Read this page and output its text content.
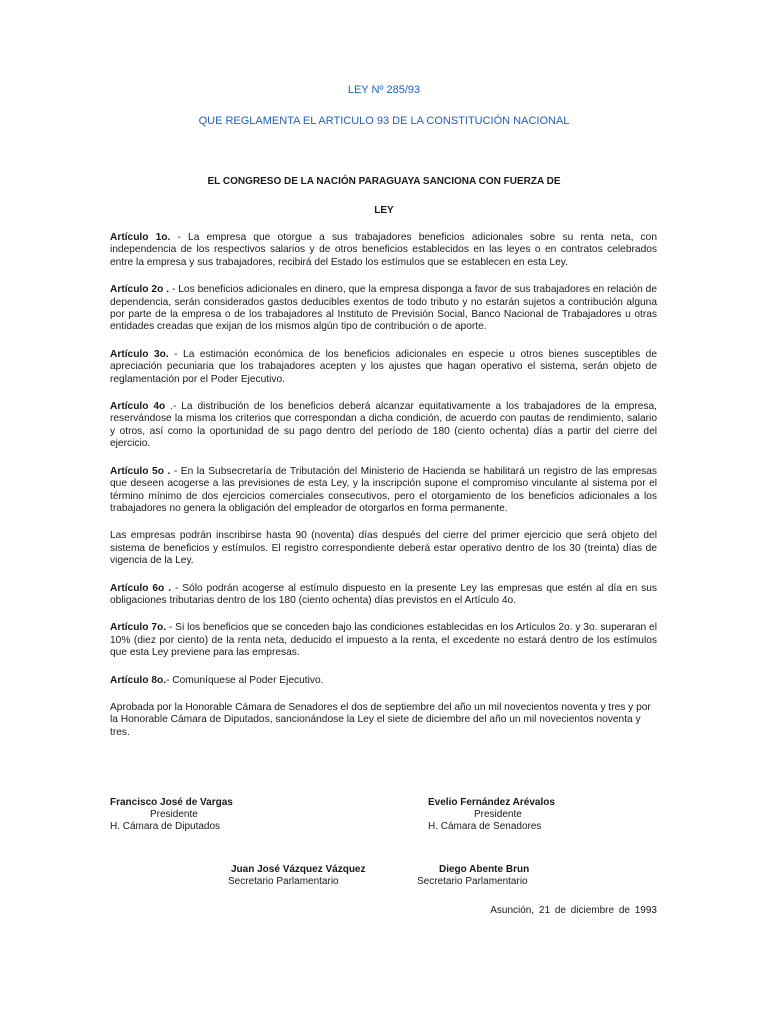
LEY Nº 285/93
QUE REGLAMENTA EL ARTICULO 93 DE LA CONSTITUCIÓN NACIONAL
EL CONGRESO DE LA NACIÓN PARAGUAYA SANCIONA CON FUERZA DE
LEY

Artículo 1o. - La empresa que otorgue a sus trabajadores beneficios adicionales sobre su renta neta, con independencia de los respectivos salarios y de otros beneficios establecidos en las leyes o en contratos celebrados entre la empresa y sus trabajadores, recibirá del Estado los estímulos que se establecen en esta Ley.

Artículo 2o . - Los beneficios adicionales en dinero, que la empresa disponga a favor de sus trabajadores en relación de dependencia, serán considerados gastos deducibles exentos de todo tributo y no estarán sujetos a contribución alguna por parte de la empresa o de los trabajadores al Instituto de Previsión Social, Banco Nacional de Trabajadores u otras entidades creadas que exijan de los mismos algún tipo de contribución o de aporte.

Artículo 3o. - La estimación económica de los beneficios adicionales en especie u otros bienes susceptibles de apreciación pecuniaria que los trabajadores acepten y los ajustes que hagan operativo el sistema, serán objeto de reglamentación por el Poder Ejecutivo.

Artículo 4o .- La distribución de los beneficios deberá alcanzar equitativamente a los trabajadores de la empresa, reservándose la misma los criterios que correspondan a dicha condición, de acuerdo con pautas de rendimiento, salario y otros, así como la oportunidad de su pago dentro del período de 180 (ciento ochenta) días a partir del cierre del ejercicio.

Artículo 5o . - En la Subsecretaría de Tributación del Ministerio de Hacienda se habilitará un registro de las empresas que deseen acogerse a las previsiones de esta Ley, y la inscripción supone el compromiso vinculante al sistema por el término mínimo de dos ejercicios comerciales consecutivos, pero el otorgamiento de los beneficios adicionales a los trabajadores no genera la obligación del empleador de otorgarlos en forma permanente.

Las empresas podrán inscribirse hasta 90 (noventa) días después del cierre del primer ejercicio que será objeto del sistema de beneficios y estímulos. El registro correspondiente deberá estar operativo dentro de los 30 (treinta) días de vigencia de la Ley.

Artículo 6o . - Sólo podrán acogerse al estímulo dispuesto en la presente Ley las empresas que estén al día en sus obligaciones tributarias dentro de los 180 (ciento ochenta) días previstos en el Artículo 4o.

Artículo 7o. - Si los beneficios que se conceden bajo las condiciones establecidas en los Artículos 2o. y 3o. superaran el 10% (diez por ciento) de la renta neta, deducido el impuesto a la renta, el excedente no estará dentro de los estímulos que esta Ley previene para las empresas.

Artículo 8o.- Comuníquese al Poder Ejecutivo.

Aprobada por la Honorable Cámara de Senadores el dos de septiembre del año un mil novecientos noventa y tres y por la Honorable Cámara de Diputados, sancionándose la Ley el siete de diciembre del año un mil novecientos noventa y tres.

Francisco José de Vargas
Presidente
H. Cámara de Diputados
Evelio Fernández Arévalos
Presidente
H. Cámara de Senadores
Juan José Vázquez Vázquez
Secretario Parlamentario
Diego Abente Brun
Secretario Parlamentario
Asunción, 21 de diciembre de 1993
